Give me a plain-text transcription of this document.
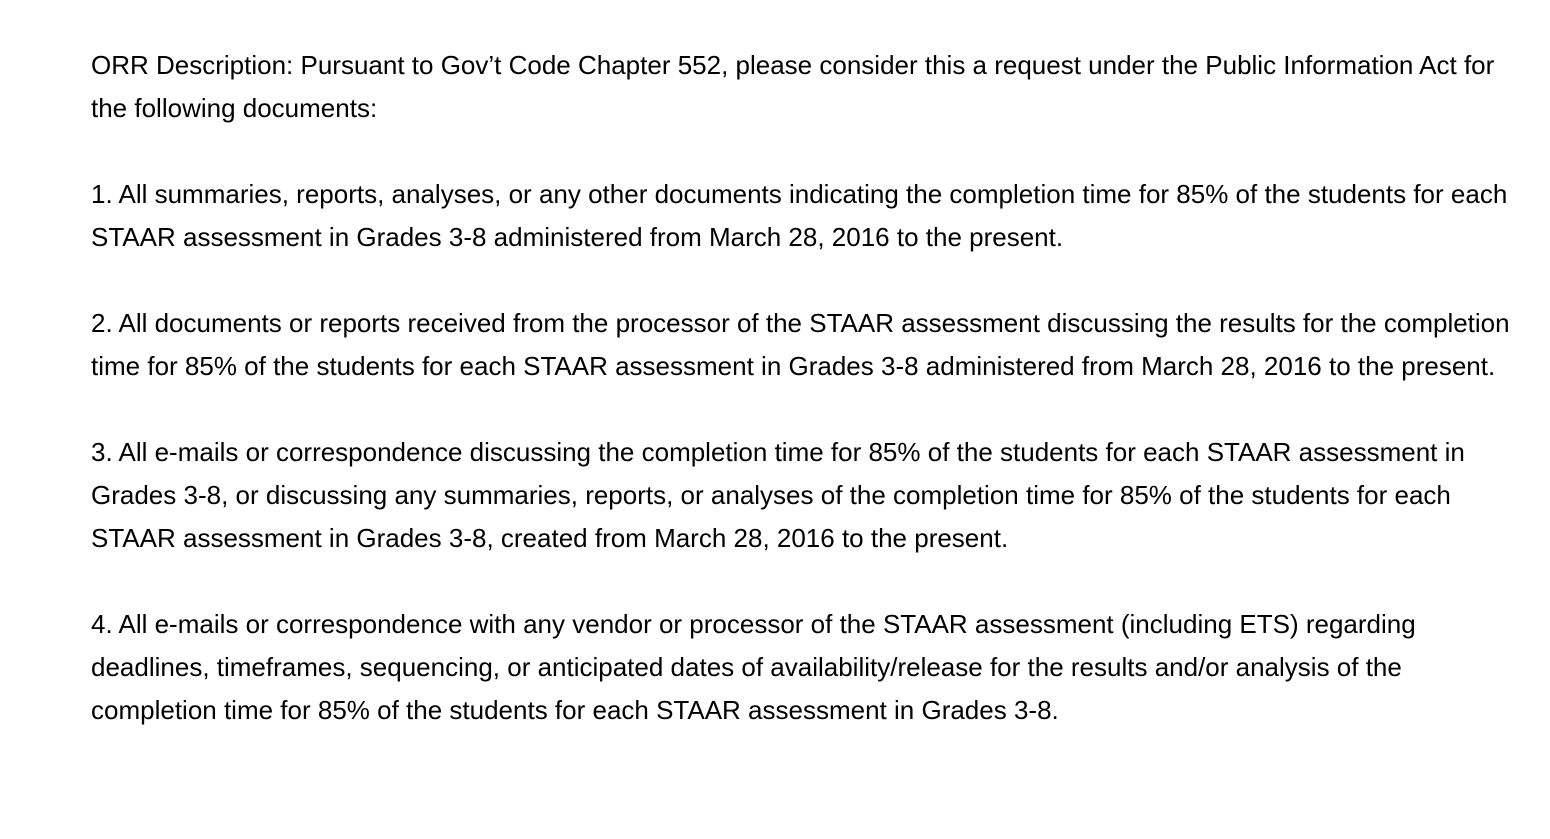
ORR Description: Pursuant to Gov’t Code Chapter 552, please consider this a request under the Public Information Act for the following documents:

1. All summaries, reports, analyses, or any other documents indicating the completion time for 85% of the students for each STAAR assessment in Grades 3-8 administered from March 28, 2016 to the present.

2. All documents or reports received from the processor of the STAAR assessment discussing the results for the completion time for 85% of the students for each STAAR assessment in Grades 3-8 administered from March 28, 2016 to the present.

3. All e-mails or correspondence discussing the completion time for 85% of the students for each STAAR assessment in Grades 3-8, or discussing any summaries, reports, or analyses of the completion time for 85% of the students for each STAAR assessment in Grades 3-8, created from March 28, 2016 to the present.

4. All e-mails or correspondence with any vendor or processor of the STAAR assessment (including ETS) regarding deadlines, timeframes, sequencing, or anticipated dates of availability/release for the results and/or analysis of the completion time for 85% of the students for each STAAR assessment in Grades 3-8.
